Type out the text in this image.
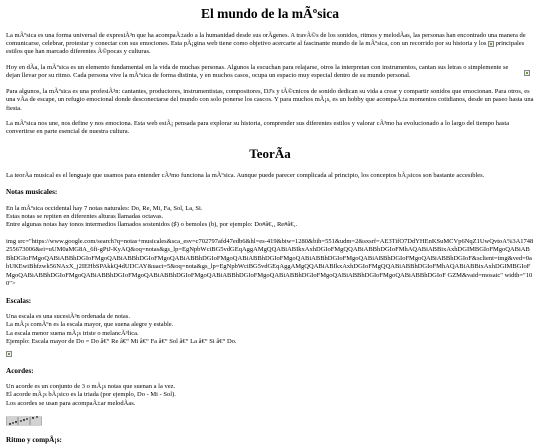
El mundo de la mÃºsica

La mÃºsica es una forma universal de expresiÃ³n que ha acompaÃ±ado a la humanidad desde sus orÃgenes. A travÃ©s de los sonidos, ritmos y melodÃas, las personas han encontrado una manera de comunicarse, celebrar, protestar y conectar con sus emociones. Esta pÃ¡gina web tiene como objetivo acercarte al fascinante mundo de la mÃºsica, con un recorrido por su historia y los principales estilos que han marcado diferentes Ã©pocas y culturas.

Hoy en dÃa, la mÃºsica es un elemento fundamental en la vida de muchas personas. Algunos la escuchan para relajarse, otros la interpretan con instrumentos, cantan sus letras o simplemente se dejan llevar por su ritmo. Cada persona vive la mÃºsica de forma distinta, y en muchos casos, ocupa un espacio muy especial dentro de su mundo personal.

Para algunos, la mÃºsica es una profesiÃ³n: cantantes, productores, instrumentistas, compositores, DJ's y tÃ©cnicos de sonido dedican su vida a crear y compartir sonidos que emocionan. Para otros, es una vÃa de escape, un refugio emocional donde desconectarse del mundo con solo ponerse los cascos. Y para muchos mÃ¡s, es un hobby que acompaÃ±a momentos cotidianos, desde un paseo hasta una fiesta.

La mÃºsica nos une, nos define y nos emociona. Esta web estÃ¡ pensada para explorar su historia, comprender sus diferentes estilos y valorar cÃ³mo ha evolucionado a lo largo del tiempo hasta convertirse en parte esencial de nuestra cultura.

TeorÃa

La teorÃa musical es el lenguaje que usamos para entender cÃ³mo funciona la mÃºsica. Aunque puede parecer complicada al principio, los conceptos bÃ¡sicos son bastante accesibles.

Notas musicales:

En la mÃºsica occidental hay 7 notas naturales: Do, Re, Mi, Fa, Sol, La, Si.

Estas notas se repiten en diferentes alturas llamadas octavas.

Entre algunas notas hay tonos intermedios llamados sostenidos (♯) o bemoles (b), por ejemplo: Do#â€‚, Re#â€‚.

img src="https://www.google.com/search?q=notas+musicales&sca_esv=c702797afd47edb6&hl=es-419&biw=1280&bih=551&udm=2&sxsrf=AE3TifO7DdYHEnKSuMCVp6NqZ1UwQvtoA%3A1748255673006&ei=uUM0aMG8A_6fi-gPtJ-KyAQ&oq=notas&gs_lp=EgNpbWciBG5vdGEqAggAMgQQABiABIkxAxhDGIoFMgQQABiABBhDGIoFMhAQABiABBixAxhDGIMBGIoFMgoQABiABBhDGIoFMgoQABiABBhDGIoFMgoQABiABBhDGIoFMgoQABiABBhDGIoFMgoQABiABBhDGIoFMgoQABiABBhDGIoFMgoQABiABBhDGIoFMgoQABiABBhDGIoF&sclient=img&ved=0ahUKEwiBhfzwk56NAxX_j2IEHbSPAkkQ4dUDCAY&uact=5&oq=nota&gs_lp=EgNpbWciBG5vdGEqAggAMgQQABiABIkxAxhDGIoFMgQQABiABBhDGIoFMhAQABiABBixAxhDGIMBGIoFMgoQABiABBhDGIoFMgoQABiABBhDGIoFMgoQABiABBhDGIoFMgoQABiABBhDGIoFMgoQABiABBhDGIoFMgoQABiABBhDGIoFMgoQABiABBhDGIoF GZM&vaid=mosaic" width="100">

Escalas:

Una escala es una sucesiÃ³n ordenada de notas.

La mÃ¡s comÃºn es la escala mayor, que suena alegre y estable.

La escala menor suena mÃ¡s triste o melancÃ³lica.

Ejemplo: Escala mayor de Do = Do â€“ Re â€“ Mi â€“ Fa â€“ Sol â€“ La â€“ Si â€“ Do.

Acordes:

Un acorde es un conjunto de 3 o mÃ¡s notas que suenan a la vez.

El acorde mÃ¡s bÃ¡sico es la triada (por ejemplo, Do - Mi - Sol).

Los acordes se usan para acompaÃ±ar melodÃas.

Ritmo y compÃ¡s:
